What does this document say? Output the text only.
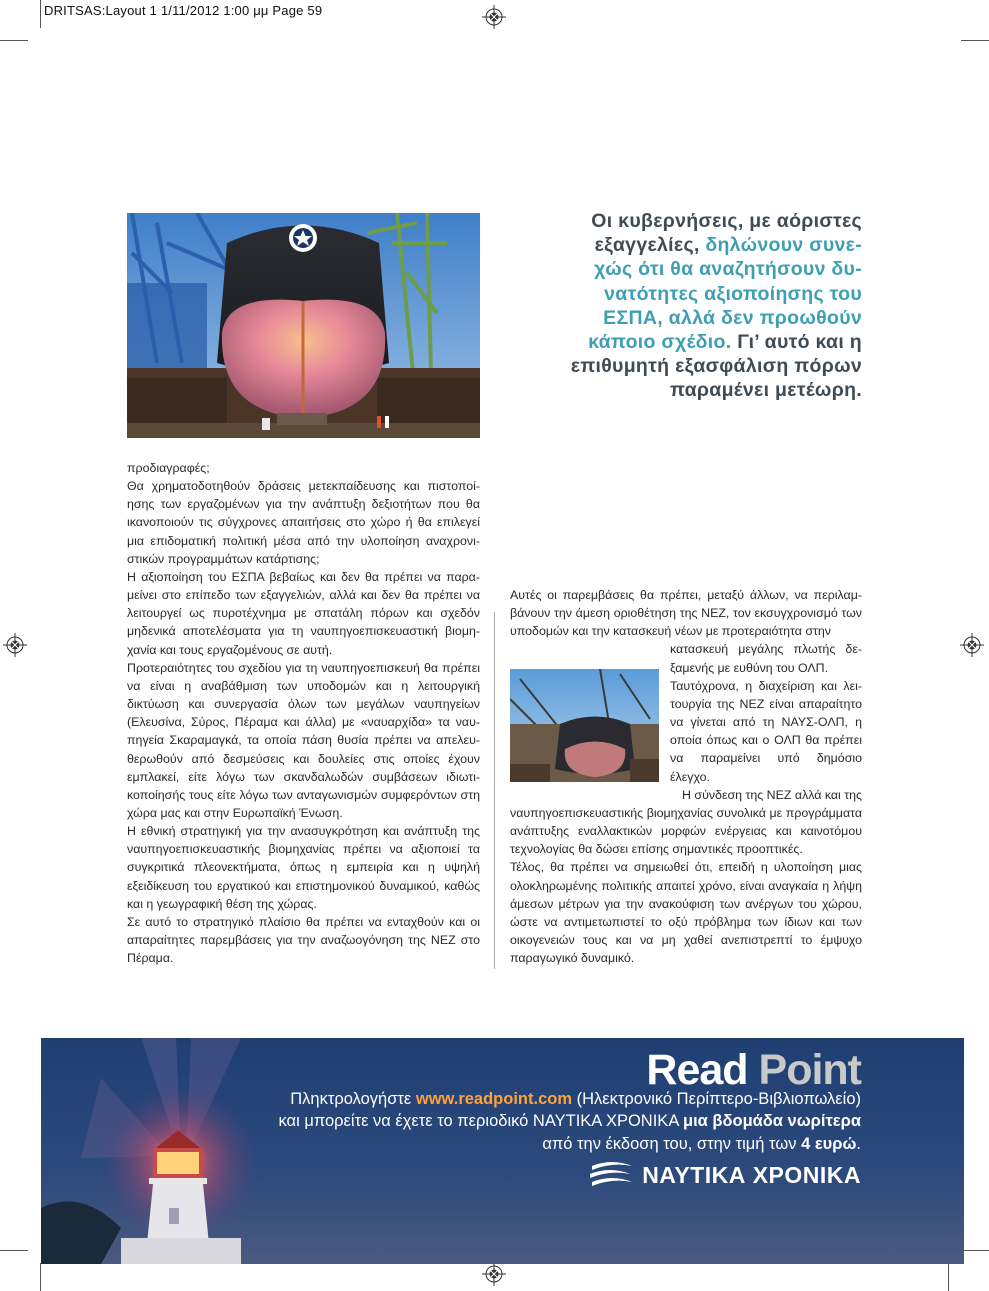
DRITSAS:Layout 1 1/11/2012 1:00 μμ Page 59
Οι κυβερνήσεις, με αόριστες
εξαγγελίες, δηλώνουν συνε-
χώς ότι θα αναζητήσουν δυ-
νατότητες αξιοποίησης του
ΕΣΠΑ, αλλά δεν προωθούν
κάποιο σχέδιο. Γι’ αυτό και η
επιθυμητή εξασφάλιση πόρων
παραμένει μετέωρη.

προδιαγραφές;

Θα χρηματοδοτηθούν δράσεις μετεκπαίδευσης και πιστοποίησης των εργαζομένων για την ανάπτυξη δεξιοτήτων που θα ικανοποιούν τις σύγχρονες απαιτήσεις στο χώρο ή θα επιλεγεί μια επιδοματική πολιτική μέσα από την υλοποίηση αναχρονιστικών προγραμμάτων κατάρτισης;

Η αξιοποίηση του ΕΣΠΑ βεβαίως και δεν θα πρέπει να παραμείνει στο επίπεδο των εξαγγελιών, αλλά και δεν θα πρέπει να λειτουργεί ως πυροτέχνημα με σπατάλη πόρων και σχεδόν μηδενικά αποτελέσματα για τη ναυπηγοεπισκευαστική βιομηχανία και τους εργαζομένους σε αυτή.

Προτεραιότητες του σχεδίου για τη ναυπηγοεπισκευή θα πρέπει να είναι η αναβάθμιση των υποδομών και η λειτουργική δικτύωση και συνεργασία όλων των μεγάλων ναυπηγείων (Ελευσίνα, Σύρος, Πέραμα και άλλα) με «ναυαρχίδα» τα ναυπηγεία Σκαραμαγκά, τα οποία πάση θυσία πρέπει να απελευθερωθούν από δεσμεύσεις και δουλείες στις οποίες έχουν εμπλακεί, είτε λόγω των σκανδαλωδών συμβάσεων ιδιωτικοποίησής τους είτε λόγω των ανταγωνισμών συμφερόντων στη χώρα μας και στην Ευρωπαϊκή Ένωση.

Η εθνική στρατηγική για την ανασυγκρότηση και ανάπτυξη της ναυπηγοεπισκευαστικής βιομηχανίας πρέπει να αξιοποιεί τα συγκριτικά πλεονεκτήματα, όπως η εμπειρία και η υψηλή εξειδίκευση του εργατικού και επιστημονικού δυναμικού, καθώς και η γεωγραφική θέση της χώρας.

Σε αυτό το στρατηγικό πλαίσιο θα πρέπει να ενταχθούν και οι απαραίτητες παρεμβάσεις για την αναζωογόνηση της ΝΕΖ στο Πέραμα.

Αυτές οι παρεμβάσεις θα πρέπει, μεταξύ άλλων, να περιλαμβάνουν την άμεση οριοθέτηση της ΝΕΖ, τον εκσυγχρονισμό των υποδομών και την κατασκευή νέων με προτεραιότητα στην

κατασκευή μεγάλης πλωτής δεξαμενής με ευθύνη του ΟΛΠ.

Ταυτόχρονα, η διαχείριση και λειτουργία της ΝΕΖ είναι απαραίτητο να γίνεται από τη ΝΑΥΣ-ΟΛΠ, η οποία όπως και ο ΟΛΠ θα πρέπει να παραμείνει υπό δημόσιο έλεγχο.

Η σύνδεση της ΝΕΖ αλλά και της

ναυπηγοεπισκευαστικής βιομηχανίας συνολικά με προγράμματα ανάπτυξης εναλλακτικών μορφών ενέργειας και καινοτόμου τεχνολογίας θα δώσει επίσης σημαντικές προοπτικές.

Τέλος, θα πρέπει να σημειωθεί ότι, επειδή η υλοποίηση μιας ολοκληρωμένης πολιτικής απαιτεί χρόνο, είναι αναγκαία η λήψη άμεσων μέτρων για την ανακούφιση των ανέργων του χώρου, ώστε να αντιμετωπιστεί το οξύ πρόβλημα των ίδιων και των οικογενειών τους και να μη χαθεί ανεπιστρεπτί το έμψυχο παραγωγικό δυναμικό.

Read Point
Πληκτρολογήστε www.readpoint.com (Ηλεκτρονικό Περίπτερο-Βιβλιοπωλείο)
και μπορείτε να έχετε το περιοδικό ΝΑΥΤΙΚΑ ΧΡΟΝΙΚΑ μια βδομάδα νωρίτερα
από την έκδοση του, στην τιμή των 4 ευρώ.
ΝΑΥΤΙΚΑ ΧΡΟΝΙΚΑ
